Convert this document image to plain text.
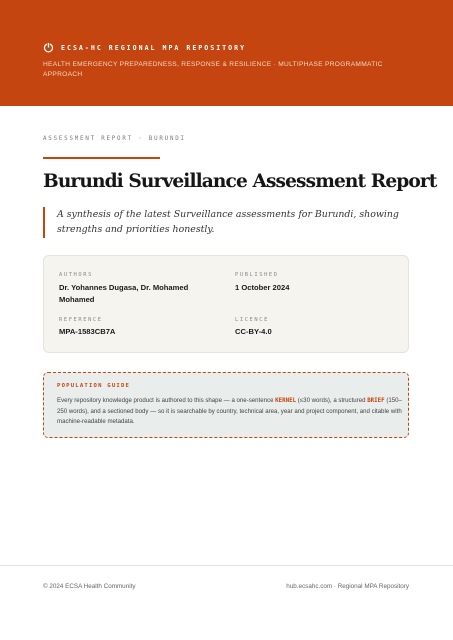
ECSA-HC REGIONAL MPA REPOSITORY
HEALTH EMERGENCY PREPAREDNESS, RESPONSE & RESILIENCE · MULTIPHASE PROGRAMMATIC APPROACH
ASSESSMENT REPORT · BURUNDI
Burundi Surveillance Assessment Report

A synthesis of the latest Surveillance assessments for Burundi, showing strengths and priorities honestly.

AUTHORS
Dr. Yohannes Dugasa, Dr. Mohamed Mohamed
PUBLISHED
1 October 2024
REFERENCE
MPA-1583CB7A
LICENCE
CC-BY-4.0
POPULATION GUIDE

Every repository knowledge product is authored to this shape — a one-sentence KERNEL (≤30 words), a structured BRIEF (150–250 words), and a sectioned body — so it is searchable by country, technical area, year and project component, and citable with machine-readable metadata.

© 2024 ECSA Health Community	hub.ecsahc.com · Regional MPA Repository
